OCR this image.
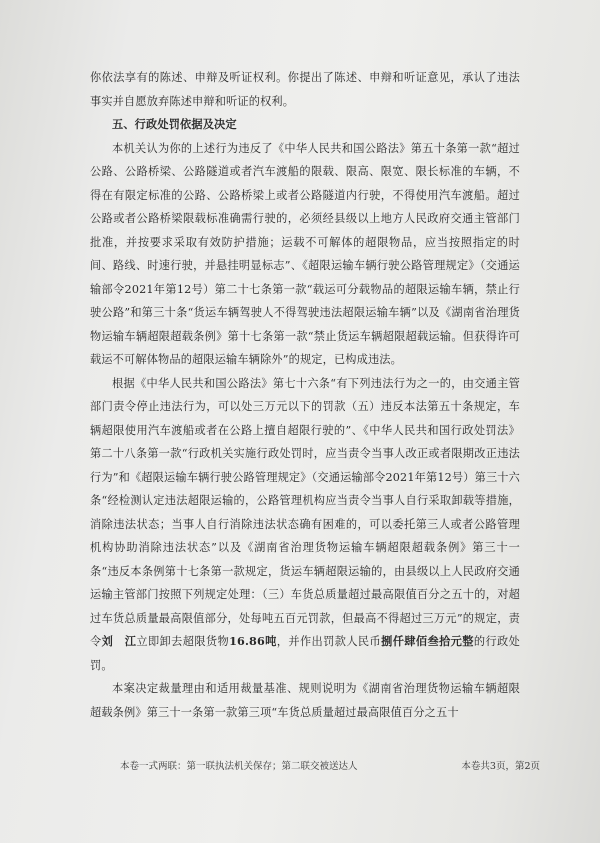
你依法享有的陈述、申辩及听证权利。你提出了陈述、申辩和听证意见，承认了违法事实并自愿放弃陈述申辩和听证的权利。

五、行政处罚依据及决定

本机关认为你的上述行为违反了《中华人民共和国公路法》第五十条第一款“超过公路、公路桥梁、公路隧道或者汽车渡船的限载、限高、限宽、限长标准的车辆，不得在有限定标准的公路、公路桥梁上或者公路隧道内行驶，不得使用汽车渡船。超过公路或者公路桥梁限载标准确需行驶的，必须经县级以上地方人民政府交通主管部门批准，并按要求采取有效防护措施；运载不可解体的超限物品，应当按照指定的时间、路线、时速行驶，并悬挂明显标志”、《超限运输车辆行驶公路管理规定》（交通运输部令2021年第12号）第二十七条第一款“载运可分载物品的超限运输车辆，禁止行驶公路”和第三十条“货运车辆驾驶人不得驾驶违法超限运输车辆”以及《湖南省治理货物运输车辆超限超载条例》第十七条第一款“禁止货运车辆超限超载运输。但获得许可载运不可解体物品的超限运输车辆除外”的规定，已构成违法。

根据《中华人民共和国公路法》第七十六条“有下列违法行为之一的，由交通主管部门责令停止违法行为，可以处三万元以下的罚款（五）违反本法第五十条规定，车辆超限使用汽车渡船或者在公路上擅自超限行驶的”、《中华人民共和国行政处罚法》第二十八条第一款“行政机关实施行政处罚时，应当责令当事人改正或者限期改正违法行为”和《超限运输车辆行驶公路管理规定》（交通运输部令2021年第12号）第三十六条“经检测认定违法超限运输的，公路管理机构应当责令当事人自行采取卸载等措施，消除违法状态；当事人自行消除违法状态确有困难的，可以委托第三人或者公路管理机构协助消除违法状态”以及《湖南省治理货物运输车辆超限超载条例》第三十一条“违反本条例第十七条第一款规定，货运车辆超限运输的，由县级以上人民政府交通运输主管部门按照下列规定处理：（三）车货总质量超过最高限值百分之五十的，对超过车货总质量最高限值部分，处每吨五百元罚款，但最高不得超过三万元”的规定，责令刘　江立即卸去超限货物16.86吨，并作出罚款人民币捌仟肆佰叁拾元整的行政处罚。

本案决定裁量理由和适用裁量基准、规则说明为《湖南省治理货物运输车辆超限超载条例》第三十一条第一款第三项“车货总质量超过最高限值百分之五十

本卷一式两联：第一联执法机关保存；第二联交被送达人	本卷共3页，第2页
